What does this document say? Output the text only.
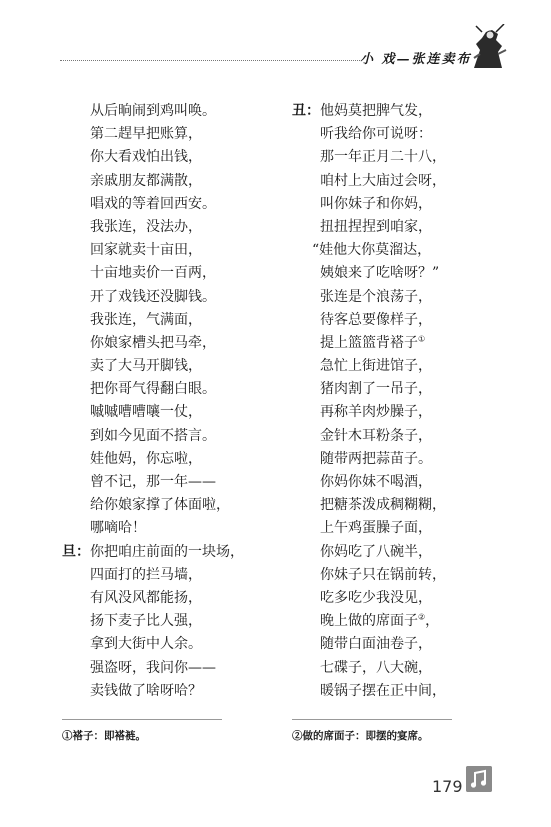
小 戏—张连卖布
从后晌闹到鸡叫唤。
第二趕早把账算，
你大看戏怕出钱，
亲戚朋友都满散，
唱戏的等着回西安。
我张连，没法办，
回家就卖十亩田，
十亩地卖价一百两，
开了戏钱还没脚钱。
我张连，气满面，
你娘家槽头把马牵，
卖了大马开脚钱，
把你哥气得翻白眼。
嘁嘁嘈嘈嚷一仗，
到如今见面不搭言。
娃他妈，你忘啦，
曾不记，那一年——
给你娘家撑了体面啦，
哪嘀哈！
旦：你把咱庄前面的一块场，
四面打的拦马墙，
有风没风都能扬，
扬下麦子比人强，
拿到大街中人余。
强盗呀，我问你——
卖钱做了啥呀哈？
丑：他妈莫把脾气发，
听我给你可说呀：
那一年正月二十八，
咱村上大庙过会呀，
叫你妹子和你妈，
扭扭捏捏到咱家，
“娃他大你莫溜达，
姨娘来了吃啥呀？”
张连是个浪荡子，
待客总要像样子，
提上篮篮背褡子①
急忙上街进馆子，
猪肉割了一吊子，
再称羊肉炒臊子，
金针木耳粉条子，
随带两把蒜苗子。
你妈你妹不喝酒，
把糖茶泼成稠糊糊，
上午鸡蛋臊子面，
你妈吃了八碗半，
你妹子只在锅前转，
吃多吃少我没见，
晚上做的席面子②，
随带白面油卷子，
七碟子，八大碗，
暖锅子摆在正中间，
①褡子：即褡裢。	②做的席面子：即摆的宴席。
179
